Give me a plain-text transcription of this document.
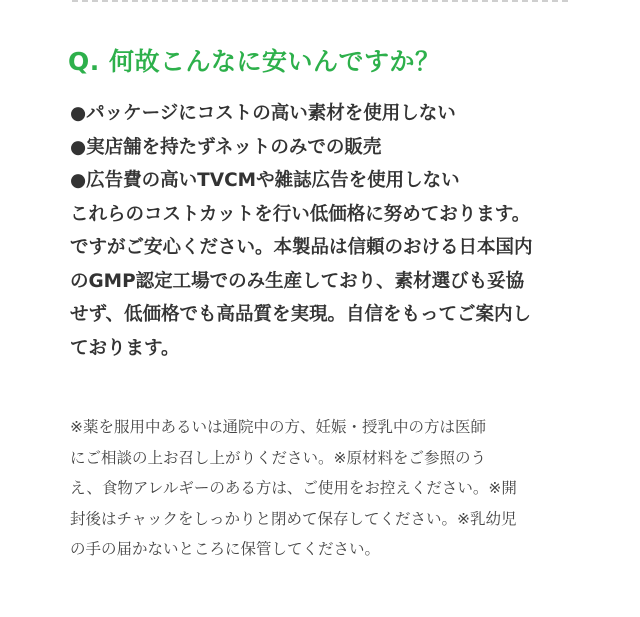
Q. 何故こんなに安いんですか？
●パッケージにコストの高い素材を使用しない
●実店舗を持たずネットのみでの販売
●広告費の高いTVCMや雑誌広告を使用しない
これらのコストカットを行い低価格に努めております。
ですがご安心ください。本製品は信頼のおける日本国内
のGMP認定工場でのみ生産しており、素材選びも妥協
せず、低価格でも高品質を実現。自信をもってご案内し
ております。
※薬を服用中あるいは通院中の方、妊娠・授乳中の方は医師
にご相談の上お召し上がりください。※原材料をご参照のう
え、食物アレルギーのある方は、ご使用をお控えください。※開
封後はチャックをしっかりと閉めて保存してください。※乳幼児
の手の届かないところに保管してください。
